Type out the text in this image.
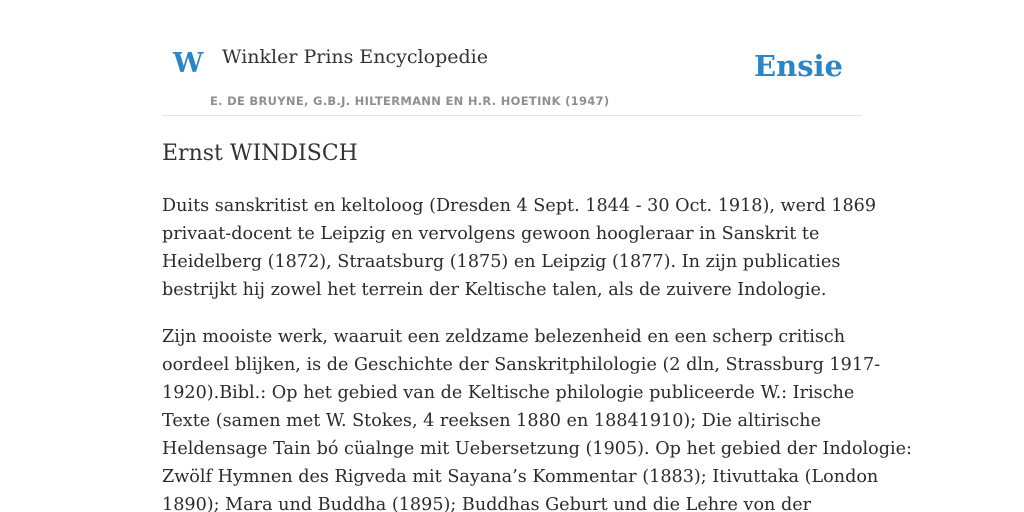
W Winkler Prins Encyclopedie
E. DE BRUYNE, G.B.J. HILTERMANN EN H.R. HOETINK (1947)
Ensie
Ernst WINDISCH

Duits sanskritist en keltoloog (Dresden 4 Sept. 1844 - 30 Oct. 1918), werd 1869
privaat-docent te Leipzig en vervolgens gewoon hoogleraar in Sanskrit te
Heidelberg (1872), Straatsburg (1875) en Leipzig (1877). In zijn publicaties
bestrijkt hij zowel het terrein der Keltische talen, als de zuivere Indologie.

Zijn mooiste werk, waaruit een zeldzame belezenheid en een scherp critisch
oordeel blijken, is de Geschichte der Sanskritphilologie (2 dln, Strassburg 1917-
1920).Bibl.: Op het gebied van de Keltische philologie publiceerde W.: Irische
Texte (samen met W. Stokes, 4 reeksen 1880 en 18841910); Die altirische
Heldensage Tain bó cüalnge mit Uebersetzung (1905). Op het gebied der Indologie:
Zwölf Hymnen des Rigveda mit Sayana’s Kommentar (1883); Itivuttaka (London
1890); Mara und Buddha (1895); Buddhas Geburt und die Lehre von der
